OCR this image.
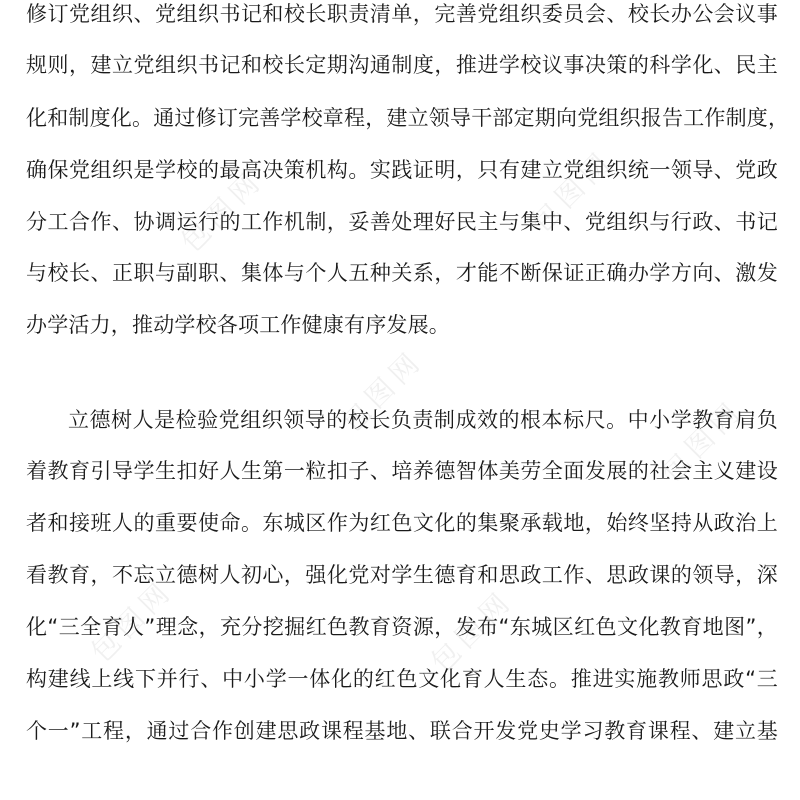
包图网	包图网
包图网
包图网
包图网	包图网
修订党组织、党组织书记和校长职责清单，完善党组织委员会、校长办公会议事
规则，建立党组织书记和校长定期沟通制度，推进学校议事决策的科学化、民主
化和制度化。通过修订完善学校章程，建立领导干部定期向党组织报告工作制度，
确保党组织是学校的最高决策机构。实践证明，只有建立党组织统一领导、党政
分工合作、协调运行的工作机制，妥善处理好民主与集中、党组织与行政、书记
与校长、正职与副职、集体与个人五种关系，才能不断保证正确办学方向、激发
办学活力，推动学校各项工作健康有序发展。
立德树人是检验党组织领导的校长负责制成效的根本标尺。中小学教育肩负
着教育引导学生扣好人生第一粒扣子、培养德智体美劳全面发展的社会主义建设
者和接班人的重要使命。东城区作为红色文化的集聚承载地，始终坚持从政治上
看教育，不忘立德树人初心，强化党对学生德育和思政工作、思政课的领导，深
化“三全育人”理念，充分挖掘红色教育资源，发布“东城区红色文化教育地图”，
构建线上线下并行、中小学一体化的红色文化育人生态。推进实施教师思政“三
个一”工程，通过合作创建思政课程基地、联合开发党史学习教育课程、建立基
